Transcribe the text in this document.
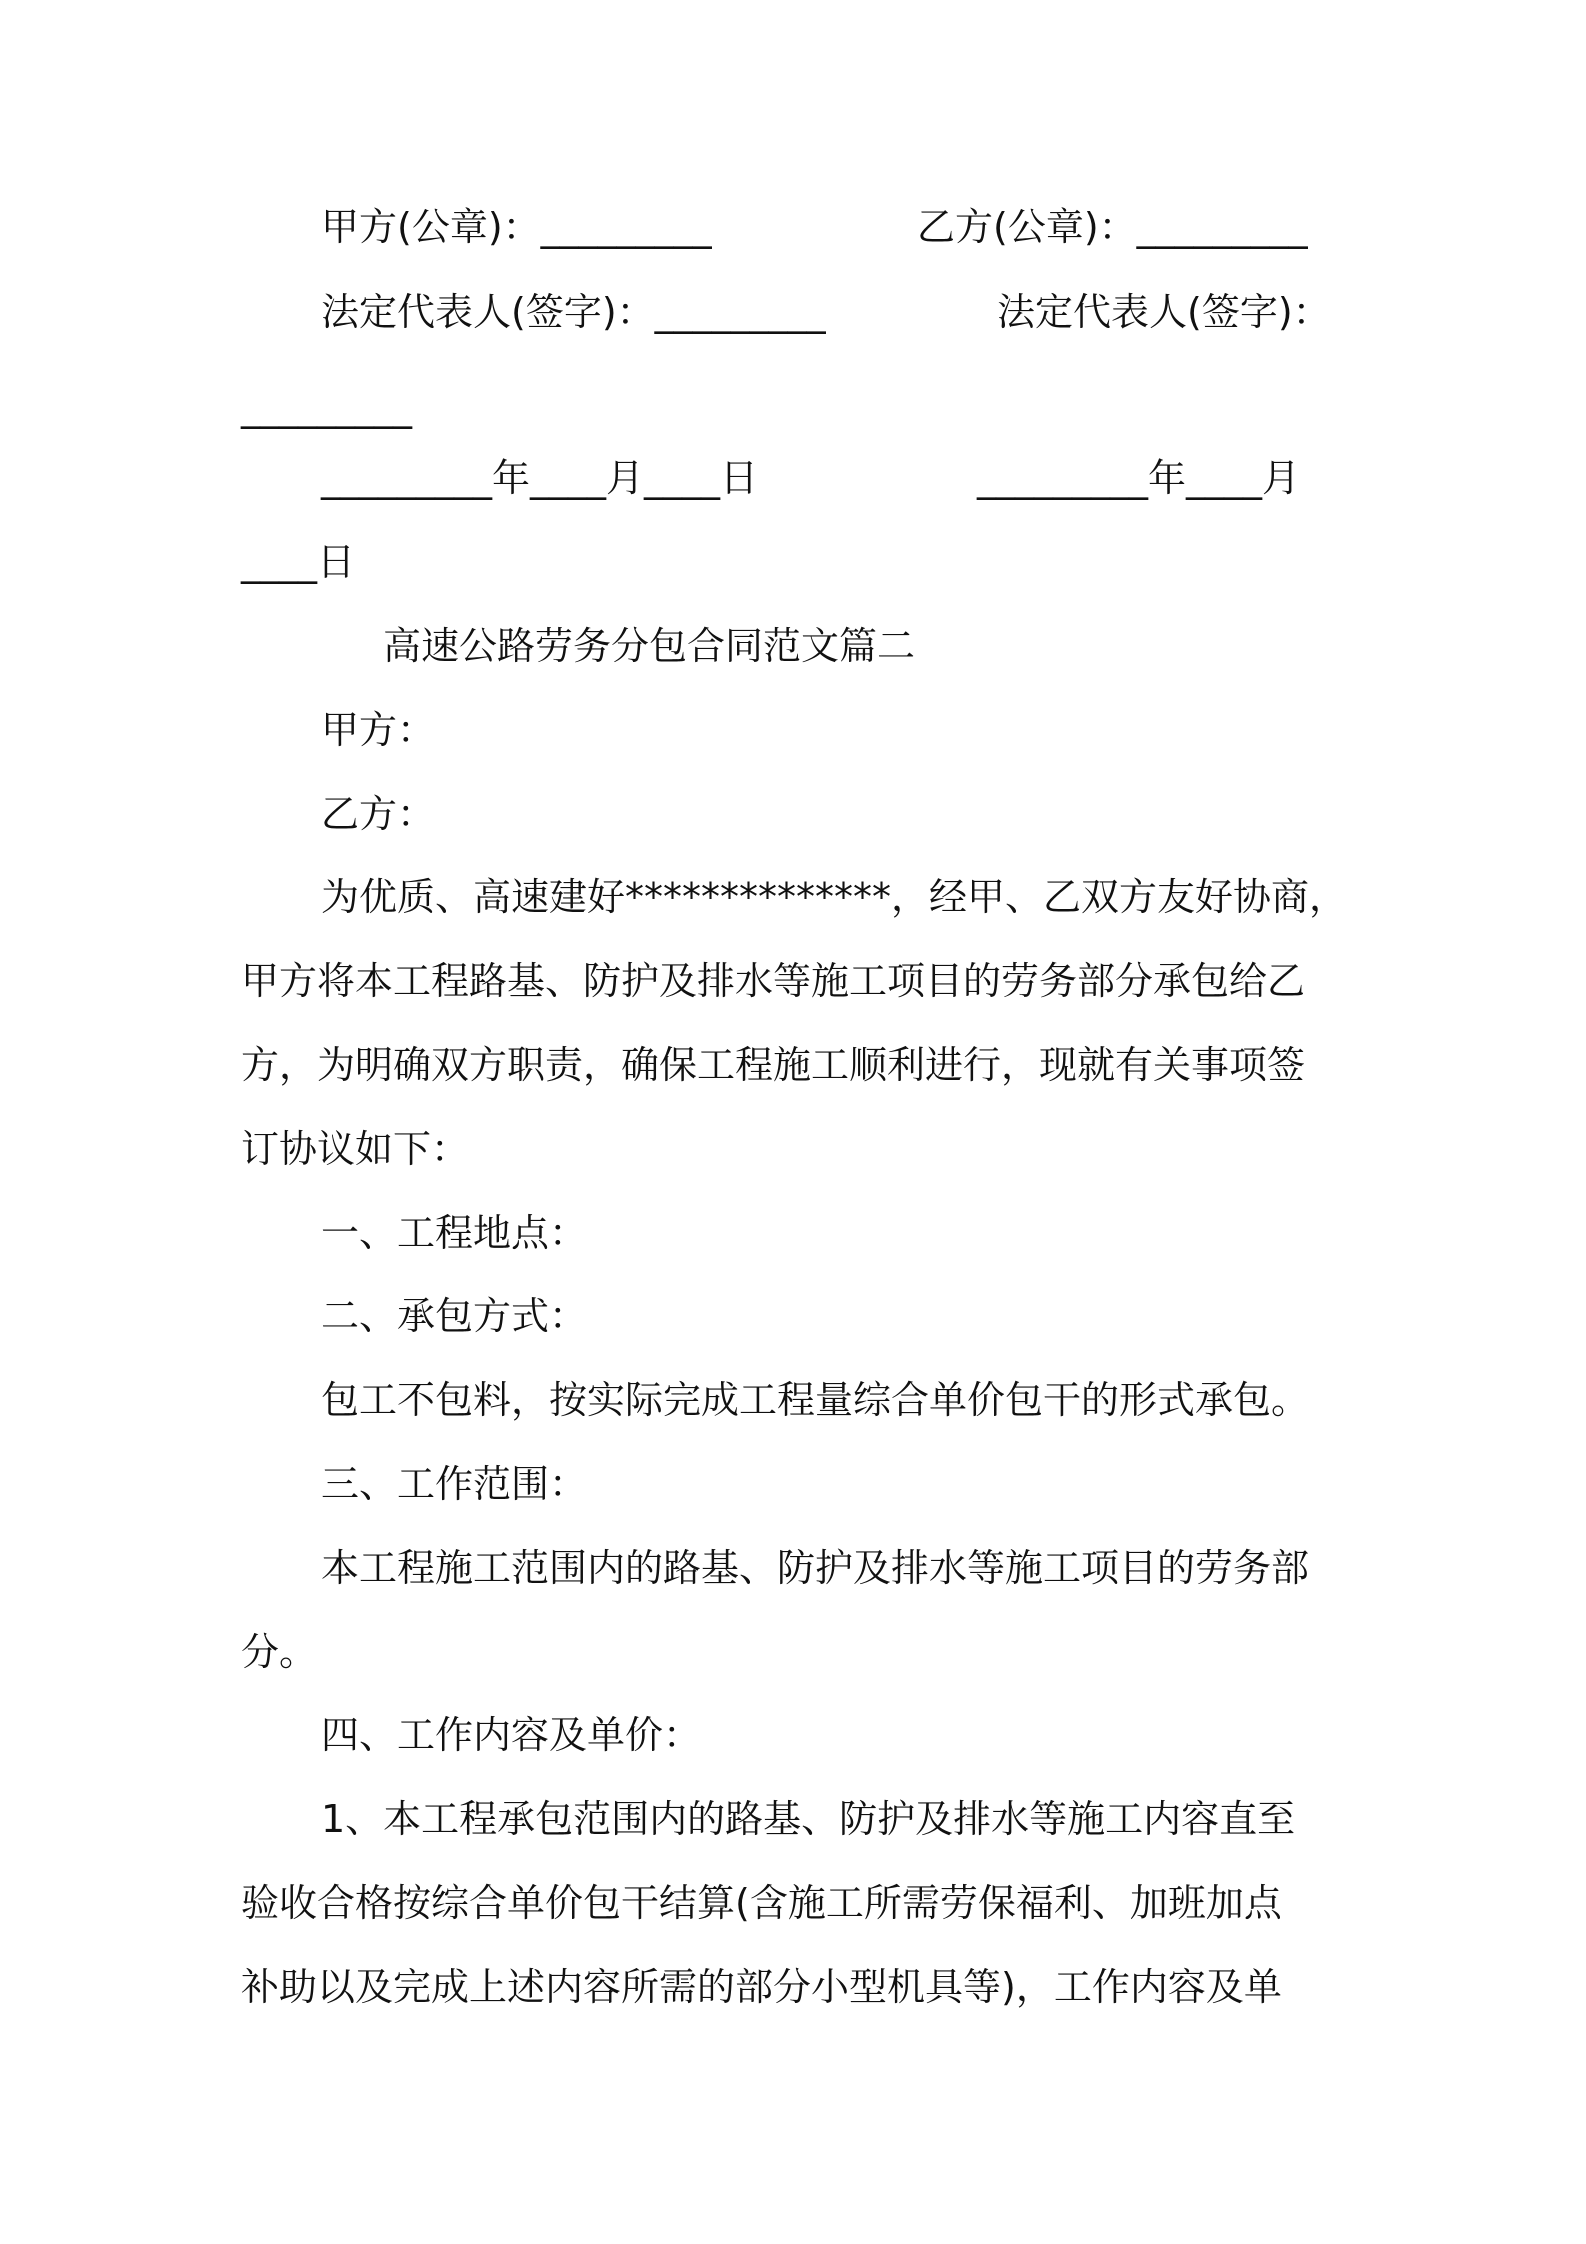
甲方(公章)：_________	乙方(公章)：_________
法定代表人(签字)：_________	法定代表人(签字)：
_________
_________年____月____日	_________年____月
____日
高速公路劳务分包合同范文篇二
甲方：
乙方：
为优质、高速建好**************，经甲、乙双方友好协商，
甲方将本工程路基、防护及排水等施工项目的劳务部分承包给乙
方，为明确双方职责，确保工程施工顺利进行，现就有关事项签
订协议如下：
一、工程地点：
二、承包方式：
包工不包料，按实际完成工程量综合单价包干的形式承包。
三、工作范围：
本工程施工范围内的路基、防护及排水等施工项目的劳务部
分。
四、工作内容及单价：
1、本工程承包范围内的路基、防护及排水等施工内容直至
验收合格按综合单价包干结算(含施工所需劳保福利、加班加点
补助以及完成上述内容所需的部分小型机具等)，工作内容及单
